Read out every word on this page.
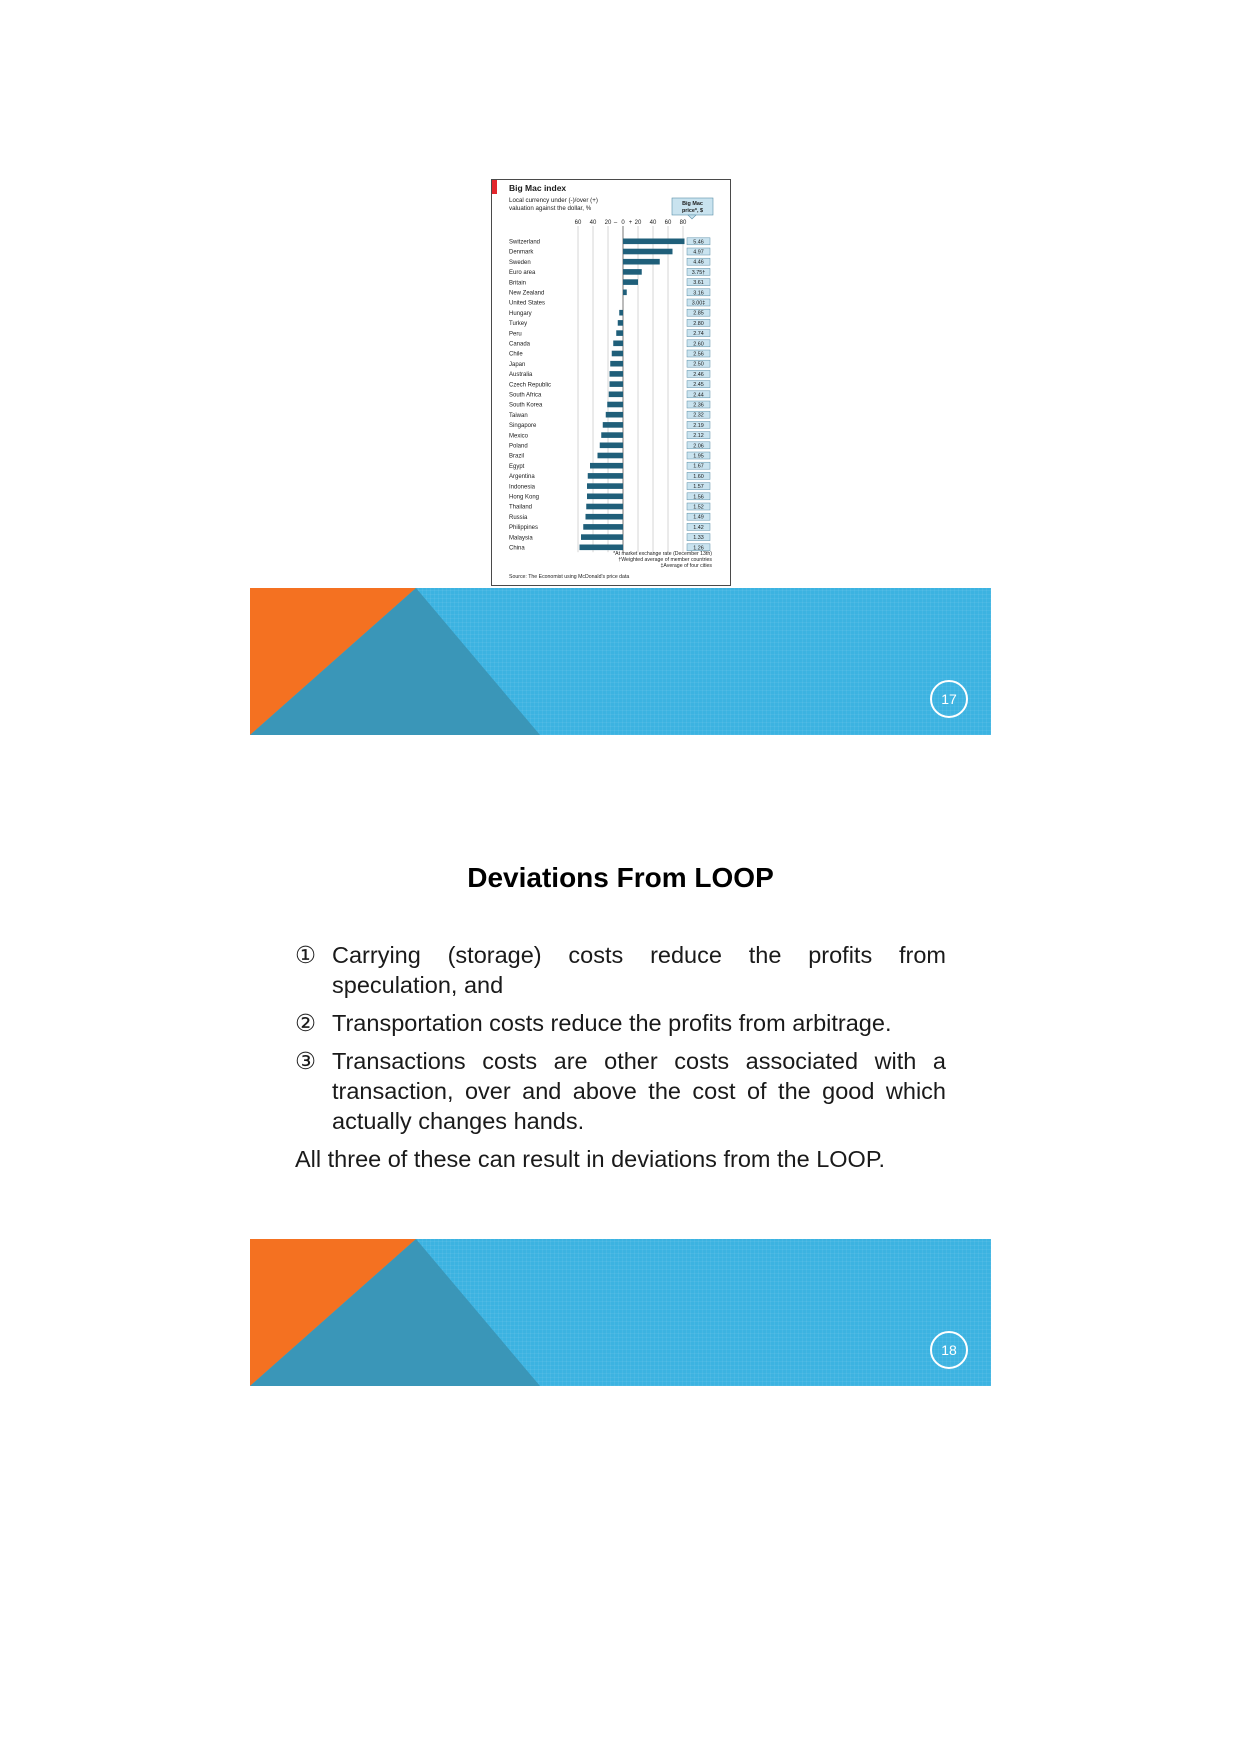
Big Mac index
Local currency under (-)/over (+)
valuation against the dollar, %
Big Mac
price*, $
60 40 20 – 0 + 20 40 60 80
Switzerland
Denmark
Sweden
Euro area
Britain
New Zealand
United States
Hungary
Turkey
Peru
Canada
Chile
Japan
Australia
Czech Republic
South Africa
South Korea
Taiwan
Singapore
Mexico
Poland
Brazil
Egypt
Argentina
Indonesia
Hong Kong
Thailand
Russia
Philippines
Malaysia
China
5.46
4.97
4.46
3.75†
3.61
3.16
3.00‡
2.85
2.80
2.74
2.60
2.56
2.50
2.46
2.45
2.44
2.36
2.32
2.19
2.12
2.06
1.95
1.67
1.60
1.57
1.56
1.52
1.49
1.42
1.33
1.26
*At market exchange rate (December 13th)
†Weighted average of member countries
‡Average of four cities
Source: The Economist using McDonald's price data
17
Deviations From LOOP
① Carrying (storage) costs reduce the profits from speculation, and
② Transportation costs reduce the profits from arbitrage.
③ Transactions costs are other costs associated with a transaction, over and above the cost of the good which actually changes hands.
All three of these can result in deviations from the LOOP.
18
